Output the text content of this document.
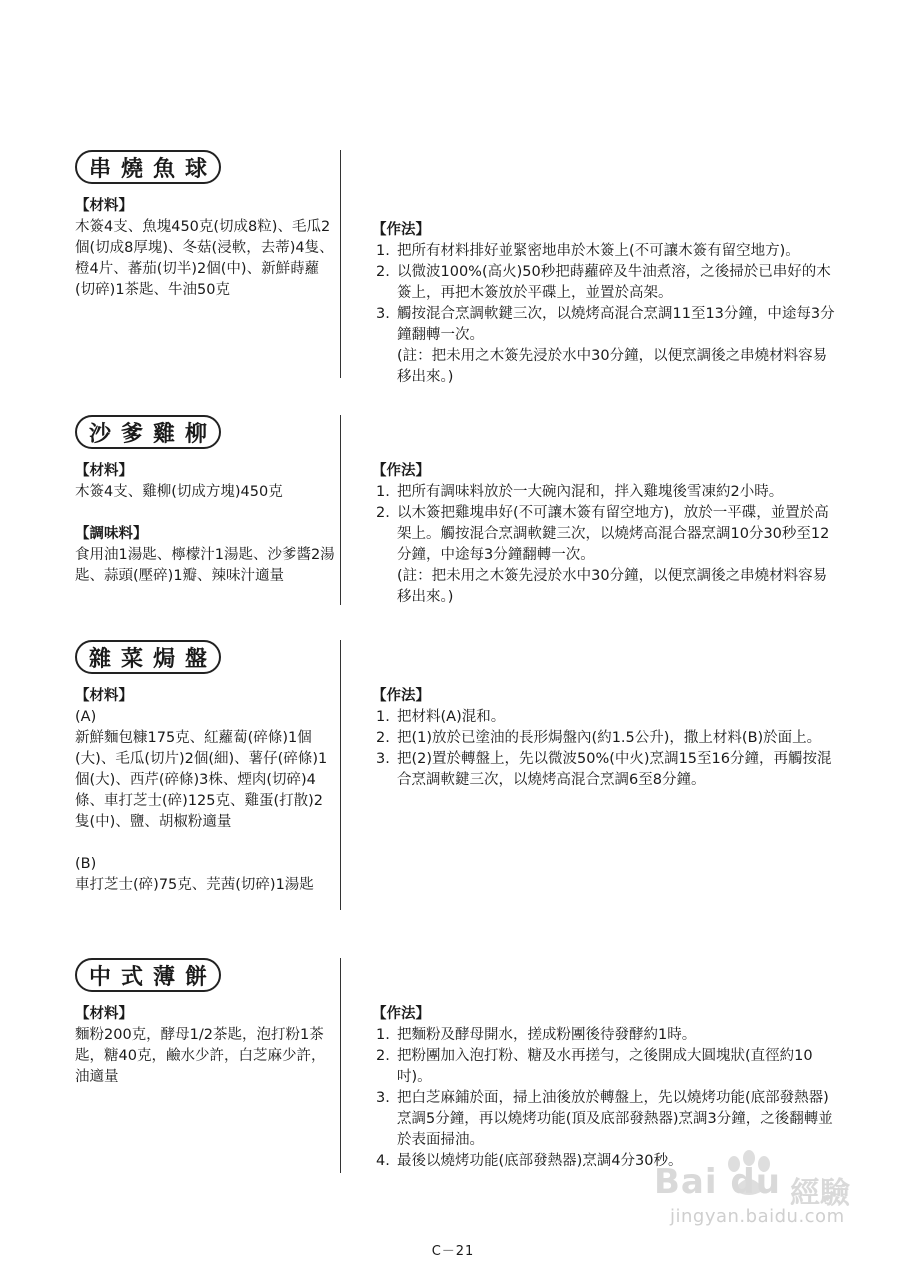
串燒魚球
【材料】
木簽4支、魚塊450克(切成8粒)、毛瓜2個(切成8厚塊)、冬菇(浸軟，去蒂)4隻、橙4片、蕃茄(切半)2個(中)、新鮮蒔蘿(切碎)1茶匙、牛油50克
【作法】
1. 把所有材料排好並緊密地串於木簽上(不可讓木簽有留空地方)。
2. 以微波100%(高火)50秒把蒔蘿碎及牛油煮溶，之後掃於已串好的木簽上，再把木簽放於平碟上，並置於高架。
3. 觸按混合烹調軟鍵三次，以燒烤高混合烹調11至13分鐘，中途每3分鐘翻轉一次。
(註：把未用之木簽先浸於水中30分鐘，以便烹調後之串燒材料容易移出來。)
沙爹雞柳
【材料】
木簽4支、雞柳(切成方塊)450克
【調味料】
食用油1湯匙、檸檬汁1湯匙、沙爹醬2湯匙、蒜頭(壓碎)1瓣、辣味汁適量
【作法】
1. 把所有調味料放於一大碗內混和，拌入雞塊後雪凍約2小時。
2. 以木簽把雞塊串好(不可讓木簽有留空地方)，放於一平碟，並置於高架上。觸按混合烹調軟鍵三次，以燒烤高混合器烹調10分30秒至12分鐘，中途每3分鐘翻轉一次。
(註：把未用之木簽先浸於水中30分鐘，以便烹調後之串燒材料容易移出來。)
雜菜焗盤
【材料】
(A)
新鮮麵包糠175克、紅蘿蔔(碎條)1個(大)、毛瓜(切片)2個(細)、薯仔(碎條)1個(大)、西芹(碎條)3株、煙肉(切碎)4條、車打芝士(碎)125克、雞蛋(打散)2隻(中)、鹽、胡椒粉適量
(B)
車打芝士(碎)75克、芫茜(切碎)1湯匙
【作法】
1. 把材料(A)混和。
2. 把(1)放於已塗油的長形焗盤內(約1.5公升)，撒上材料(B)於面上。
3. 把(2)置於轉盤上，先以微波50%(中火)烹調15至16分鐘，再觸按混合烹調軟鍵三次，以燒烤高混合烹調6至8分鐘。
中式薄餅
【材料】
麵粉200克，酵母1/2茶匙，泡打粉1茶匙，糖40克，鹼水少許，白芝麻少許，油適量
【作法】
1. 把麵粉及酵母開水，搓成粉團後待發酵約1時。
2. 把粉團加入泡打粉、糖及水再搓勻，之後開成大圓塊狀(直徑約10吋)。
3. 把白芝麻鋪於面，掃上油後放於轉盤上，先以燒烤功能(底部發熱器)烹調5分鐘，再以燒烤功能(頂及底部發熱器)烹調3分鐘，之後翻轉並於表面掃油。
4. 最後以燒烤功能(底部發熱器)烹調4分30秒。
Bai du 經驗
jingyan.baidu.com
C－21
